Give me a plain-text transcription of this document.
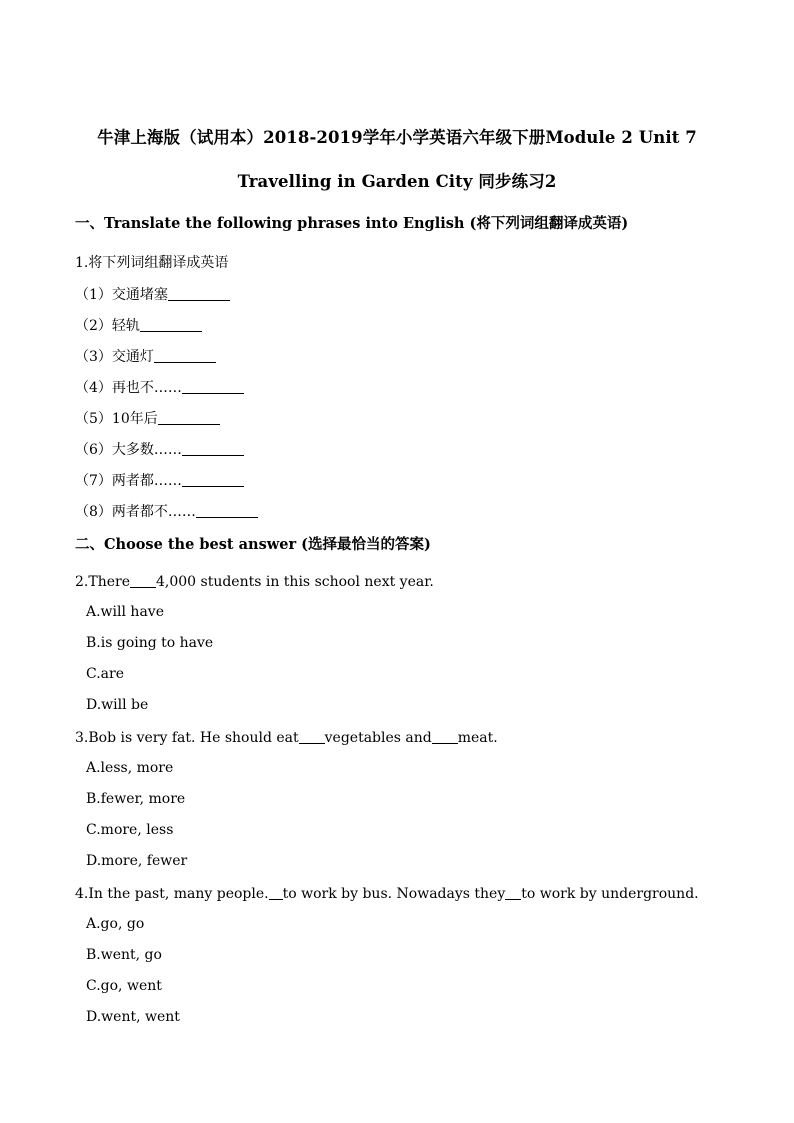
牛津上海版（试用本）2018-2019学年小学英语六年级下册Module 2 Unit 7
Travelling in Garden City 同步练习2
一、Translate the following phrases into English (将下列词组翻译成英语)
1.将下列词组翻译成英语
（1）交通堵塞
（2）轻轨
（3）交通灯
（4）再也不……
（5）10年后
（6）大多数……
（7）两者都……
（8）两者都不……
二、Choose the best answer (选择最恰当的答案)
2.There 4,000 students in this school next year.
A.will have
B.is going to have
C.are
D.will be
3.Bob is very fat. He should eat vegetables and meat.
A.less, more
B.fewer, more
C.more, less
D.more, fewer
4.In the past, many people. to work by bus. Nowadays they to work by underground.
A.go, go
B.went, go
C.go, went
D.went, went
